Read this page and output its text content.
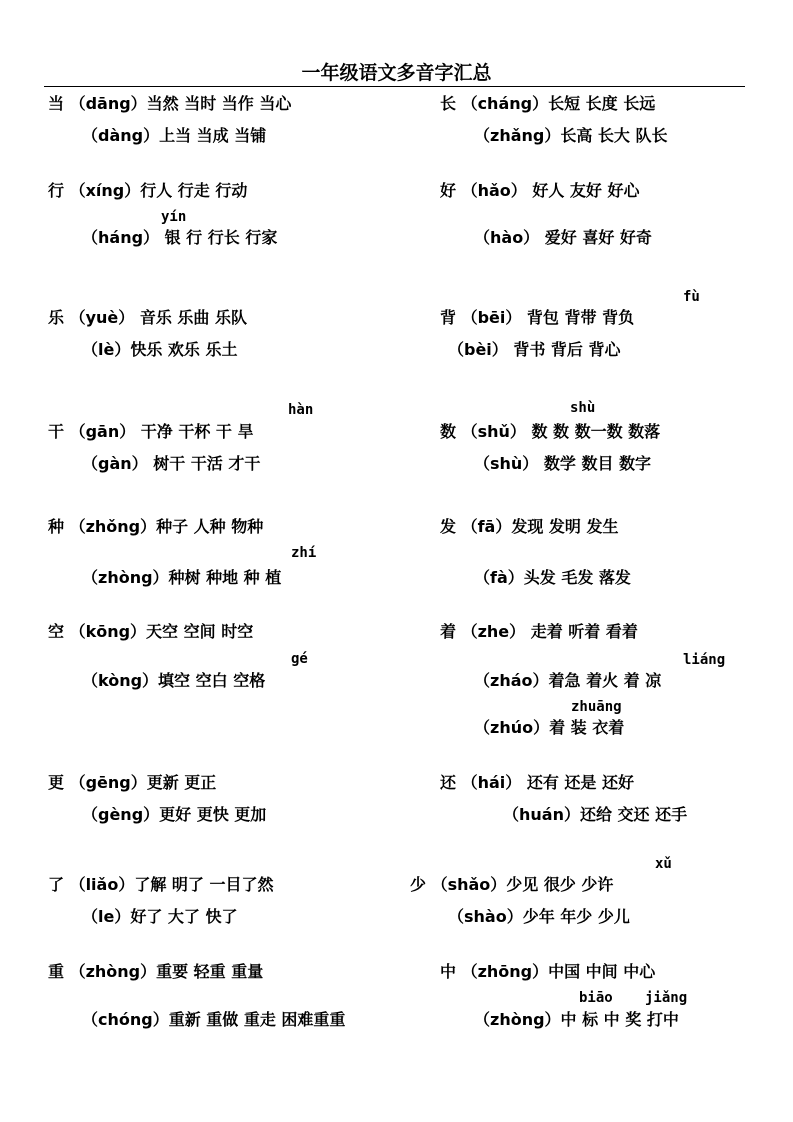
一年级语文多音字汇总
当 （dāng）当然 当时 当作 当心
（dàng）上当 当成 当铺
行 （xíng）行人 行走 行动
yín
（háng） 银 行 行长 行家
乐 （yuè） 音乐 乐曲 乐队
（lè）快乐 欢乐 乐土
hàn
干 （gān） 干净 干杯 干 旱
（gàn） 树干 干活 才干
种 （zhǒng）种子 人种 物种
zhí
（zhòng）种树 种地 种 植
空 （kōng）天空 空间 时空
gé
（kòng）填空 空白 空格
更 （gēng）更新 更正
（gèng）更好 更快 更加
了 （liǎo）了解 明了 一目了然
（le）好了 大了 快了
重 （zhòng）重要 轻重 重量
（chóng）重新 重做 重走 困难重重
长 （cháng）长短 长度 长远
（zhǎng）长高 长大 队长
好 （hǎo） 好人 友好 好心
（hào） 爱好 喜好 好奇
fù
背 （bēi） 背包 背带 背负
（bèi） 背书 背后 背心
shù
数 （shǔ） 数 数 数一数 数落
（shù） 数学 数目 数字
发 （fā）发现 发明 发生
（fà）头发 毛发 落发
着 （zhe） 走着 听着 看着
liáng
（zháo）着急 着火 着 凉
zhuāng
（zhúo）着 装 衣着
还 （hái） 还有 还是 还好
（huán）还给 交还 还手
xǔ
少 （shǎo）少见 很少 少许
（shào）少年 年少 少儿
中 （zhōng）中国 中间 中心
biāo jiǎng
（zhòng）中 标 中 奖 打中
